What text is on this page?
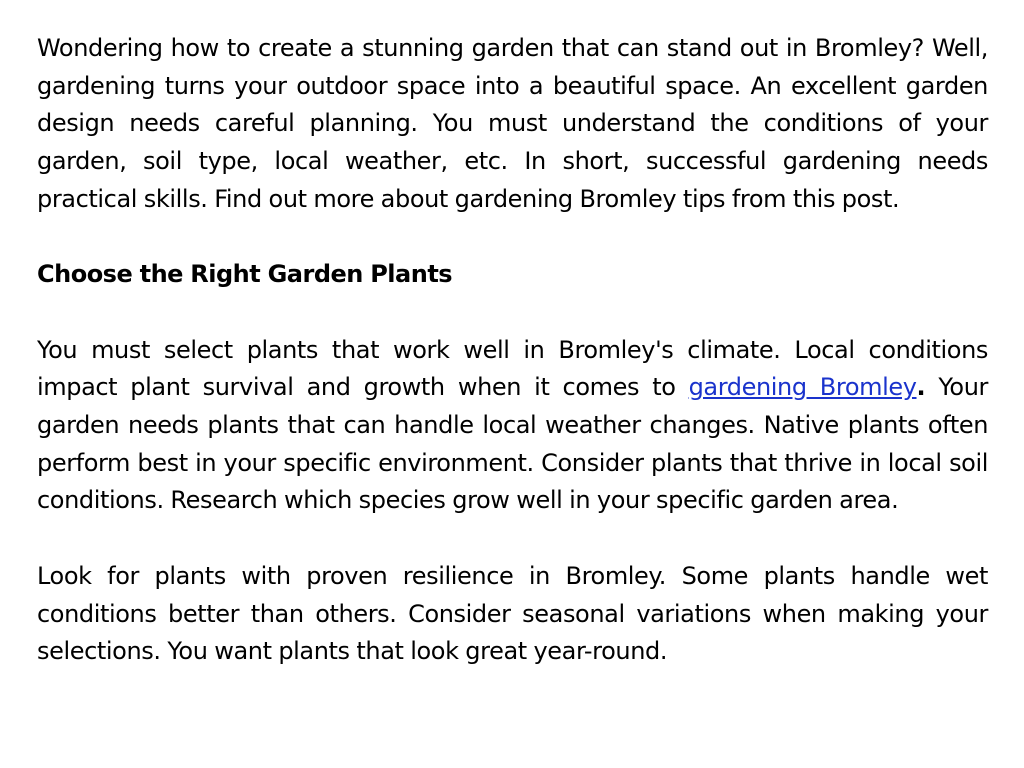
Wondering how to create a stunning garden that can stand out in Bromley? Well, gardening turns your outdoor space into a beautiful space. An excellent garden design needs careful planning. You must understand the conditions of your garden, soil type, local weather, etc. In short, successful gardening needs practical skills. Find out more about gardening Bromley tips from this post.

Choose the Right Garden Plants

You must select plants that work well in Bromley's climate. Local conditions impact plant survival and growth when it comes to gardening Bromley. Your garden needs plants that can handle local weather changes. Native plants often perform best in your specific environment. Consider plants that thrive in local soil conditions. Research which species grow well in your specific garden area.

Look for plants with proven resilience in Bromley. Some plants handle wet conditions better than others. Consider seasonal variations when making your selections. You want plants that look great year-round.
